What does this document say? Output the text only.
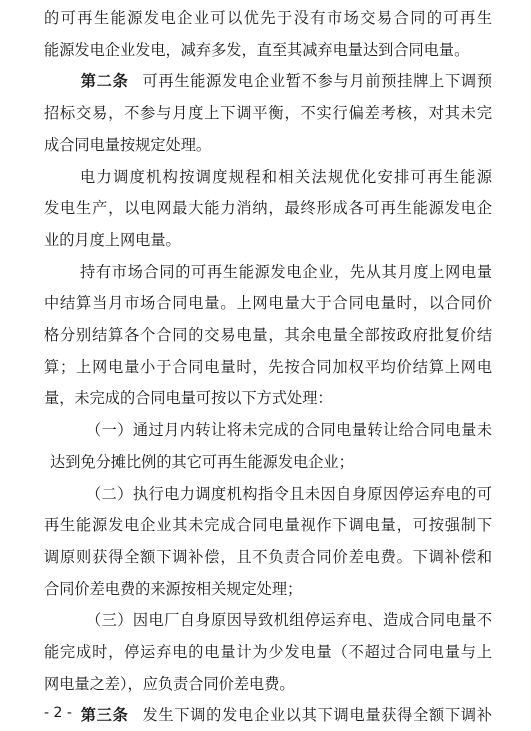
的可再生能源发电企业可以优先于没有市场交易合同的可再生
能源发电企业发电，减弃多发，直至其减弃电量达到合同电量。
第二条 可再生能源发电企业暂不参与月前预挂牌上下调预
招标交易，不参与月度上下调平衡，不实行偏差考核，对其未完
成合同电量按规定处理。
电力调度机构按调度规程和相关法规优化安排可再生能源
发电生产，以电网最大能力消纳，最终形成各可再生能源发电企
业的月度上网电量。
持有市场合同的可再生能源发电企业，先从其月度上网电量
中结算当月市场合同电量。上网电量大于合同电量时，以合同价
格分别结算各个合同的交易电量，其余电量全部按政府批复价结
算；上网电量小于合同电量时，先按合同加权平均价结算上网电
量，未完成的合同电量可按以下方式处理：
（一）通过月内转让将未完成的合同电量转让给合同电量未
达到免分摊比例的其它可再生能源发电企业；
（二）执行电力调度机构指令且未因自身原因停运弃电的可
再生能源发电企业其未完成合同电量视作下调电量，可按强制下
调原则获得全额下调补偿，且不负责合同价差电费。下调补偿和
合同价差电费的来源按相关规定处理；
（三）因电厂自身原因导致机组停运弃电、造成合同电量不
能完成时，停运弃电的电量计为少发电量（不超过合同电量与上
网电量之差），应负责合同价差电费。
第三条 发生下调的发电企业以其下调电量获得全额下调补
- 2 -
